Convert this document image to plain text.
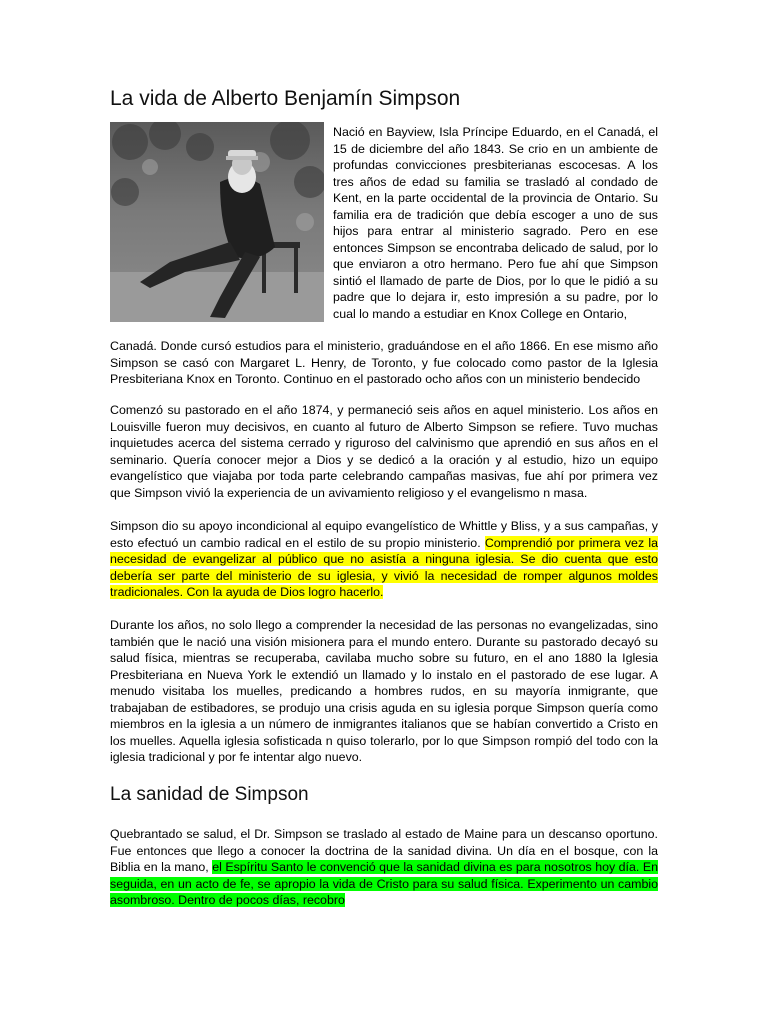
La vida de Alberto Benjamín Simpson
Nació en Bayview, Isla Príncipe Eduardo, en el Canadá, el 15 de diciembre del año 1843. Se crio en un ambiente de profundas convicciones presbiterianas escocesas. A los tres años de edad su familia se trasladó al condado de Kent, en la parte occidental de la provincia de Ontario. Su familia era de tradición que debía escoger a uno de sus hijos para entrar al ministerio sagrado. Pero en ese entonces Simpson se encontraba delicado de salud, por lo que enviaron a otro hermano. Pero fue ahí que Simpson sintió el llamado de parte de Dios, por lo que le pidió a su padre que lo dejara ir, esto impresión a su padre, por lo cual lo mando a estudiar en Knox College en Ontario,
Canadá. Donde cursó estudios para el ministerio, graduándose en el año 1866. En ese mismo año Simpson se casó con Margaret L. Henry, de Toronto, y fue colocado como pastor de la Iglesia Presbiteriana Knox en Toronto. Continuo en el pastorado ocho años con un ministerio bendecido
Comenzó su pastorado en el año 1874, y permaneció seis años en aquel ministerio. Los años en Louisville fueron muy decisivos, en cuanto al futuro de Alberto Simpson se refiere. Tuvo muchas inquietudes acerca del sistema cerrado y riguroso del calvinismo que aprendió en sus años en el seminario. Quería conocer mejor a Dios y se dedicó a la oración y al estudio, hizo un equipo evangelístico que viajaba por toda parte celebrando campañas masivas, fue ahí por primera vez que Simpson vivió la experiencia de un avivamiento religioso y el evangelismo n masa.
Simpson dio su apoyo incondicional al equipo evangelístico de Whittle y Bliss, y a sus campañas, y esto efectuó un cambio radical en el estilo de su propio ministerio. Comprendió por primera vez la necesidad de evangelizar al público que no asistía a ninguna iglesia. Se dio cuenta que esto debería ser parte del ministerio de su iglesia, y vivió la necesidad de romper algunos moldes tradicionales. Con la ayuda de Dios logro hacerlo.
Durante los años, no solo llego a comprender la necesidad de las personas no evangelizadas, sino también que le nació una visión misionera para el mundo entero. Durante su pastorado decayó su salud física, mientras se recuperaba, cavilaba mucho sobre su futuro, en el ano 1880 la Iglesia Presbiteriana en Nueva York le extendió un llamado y lo instalo en el pastorado de ese lugar. A menudo visitaba los muelles, predicando a hombres rudos, en su mayoría inmigrante, que trabajaban de estibadores, se produjo una crisis aguda en su iglesia porque Simpson quería como miembros en la iglesia a un número de inmigrantes italianos que se habían convertido a Cristo en los muelles. Aquella iglesia sofisticada n quiso tolerarlo, por lo que Simpson rompió del todo con la iglesia tradicional y por fe intentar algo nuevo.
La sanidad de Simpson
Quebrantado se salud, el Dr. Simpson se traslado al estado de Maine para un descanso oportuno. Fue entonces que llego a conocer la doctrina de la sanidad divina. Un día en el bosque, con la Biblia en la mano, el Espíritu Santo le convenció que la sanidad divina es para nosotros hoy día. En seguida, en un acto de fe, se apropio la vida de Cristo para su salud física. Experimento un cambio asombroso. Dentro de pocos días, recobro
